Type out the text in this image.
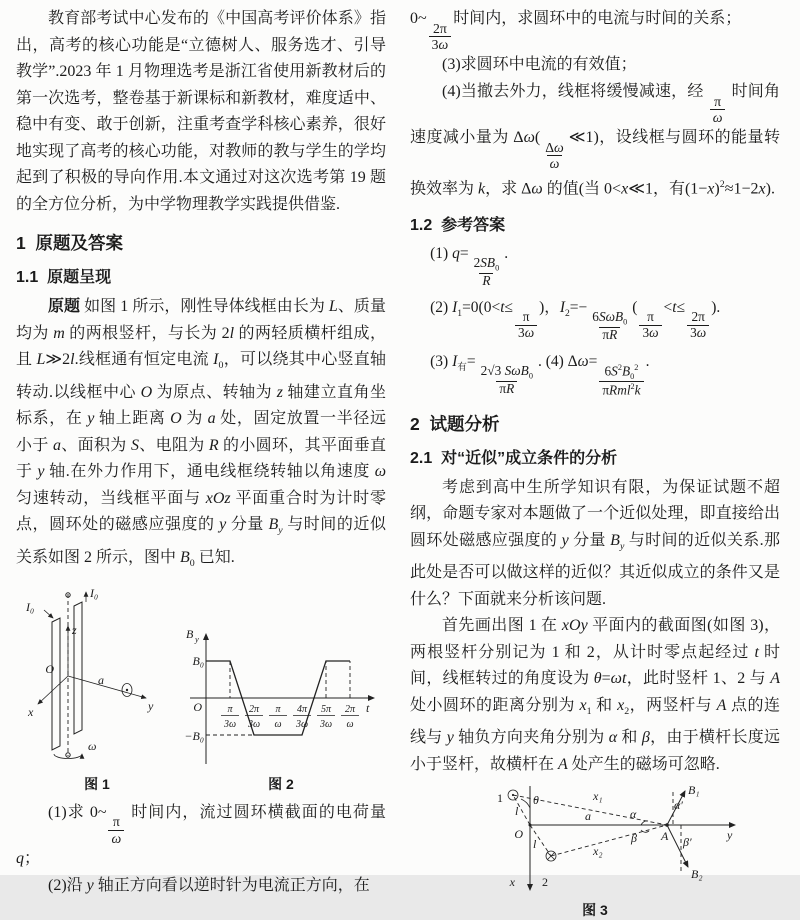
教育部考试中心发布的《中国高考评价体系》指出，高考的核心功能是“立德树人、服务选才、引导教学”.2023 年 1 月物理选考是浙江省使用新教材后的第一次选考，整卷基于新课标和新教材，难度适中、稳中有变、敢于创新，注重考查学科核心素养，很好地实现了高考的核心功能，对教师的教与学生的学均起到了积极的导向作用.本文通过对这次选考第 19 题的全方位分析，为中学物理教学实践提供借鉴.

1  原题及答案
1.1  原题呈现

原题 如图 1 所示，刚性导体线框由长为 L、质量均为 m 的两根竖杆，与长为 2l 的两轻质横杆组成，且 L≫2l.线框通有恒定电流 $I_0$，可以绕其中心竖直轴转动.以线框中心 O 为原点、转轴为 z 轴建立直角坐标系，在 y 轴上距离 O 为 a 处，固定放置一半径远小于 a、面积为 S、电阻为 R 的小圆环，其平面垂直于 y 轴.在外力作用下，通电线框绕转轴以角速度 ω 匀速转动，当线框平面与 xOz 平面重合时为计时零点，圆环处的磁感应强度的 y 分量 $B_y$ 与时间的近似关系如图 2 所示，图中 $B_0$ 已知.

I₀
I₀
z
O
x	y
a
ω
图 1
B y
B₀
−B₀
O	t
π
3ω
2π
3ω
π
ω
4π
3ω
5π
3ω
2π
ω
图 2

(1)求 0~
$\frac{\pi}{\omega}$
时间内，流过圆环横截面的电荷量 q；

(2)沿 y 轴正方向看以逆时针为电流正方向，在

0~
$\frac{2\pi}{3\omega}$
时间内，求圆环中的电流与时间的关系；

(3)求圆环中电流的有效值；

(4)当撤去外力，线框将缓慢减速，经
$\frac{\pi}{\omega}$
时间角速度减小量为 Δω(
$\frac{\Delta\omega}{\omega}$
≪1)，设线框与圆环的能量转换效率为 k，求 Δω 的值(当 0<x≪1，有$(1-x)^2\approx 1-2x$).

1.2  参考答案

(1) q=
$\frac{2SB_0}{R}$
.

(2) $I_1=0(0<t\le$
$\frac{\pi}{3\omega}$
)，$I_2=-$
$\frac{6S\omega B_0}{\pi R}$
(
$\frac{\pi}{3\omega}$
<t≤
$\frac{2\pi}{3\omega}$
).

(3) $I_有=$
$\frac{2√3 S\omega B_0}{\pi R}$
. (4) Δω=
$\frac{6S^2B_0^2}{\pi Rml^2k}$
.

2  试题分析
2.1  对“近似”成立条件的分析

考虑到高中生所学知识有限，为保证试题不超纲，命题专家对本题做了一个近似处理，即直接给出圆环处磁感应强度的 y 分量 $B_y$ 与时间的近似关系.那此处是否可以做这样的近似？其近似成立的条件又是什么？下面就来分析该问题.

首先画出图 1 在 xOy 平面内的截面图(如图 3)，两根竖杆分别记为 1 和 2，从计时零点起经过 t 时间，线框转过的角度设为 θ=ωt，此时竖杆 1、2 与 A 处小圆环的距离分别为 $x_1$ 和 $x_2$，两竖杆与 A 点的连线与 y 轴负方向夹角分别为 α 和 β，由于横杆长度远小于竖杆，故横杆在 A 处产生的磁场可忽略.

1
2
θ
l
l
O
x
y
a
A
x₁
x₂
α
β
α′
β′
B₁
B₂
图 3
